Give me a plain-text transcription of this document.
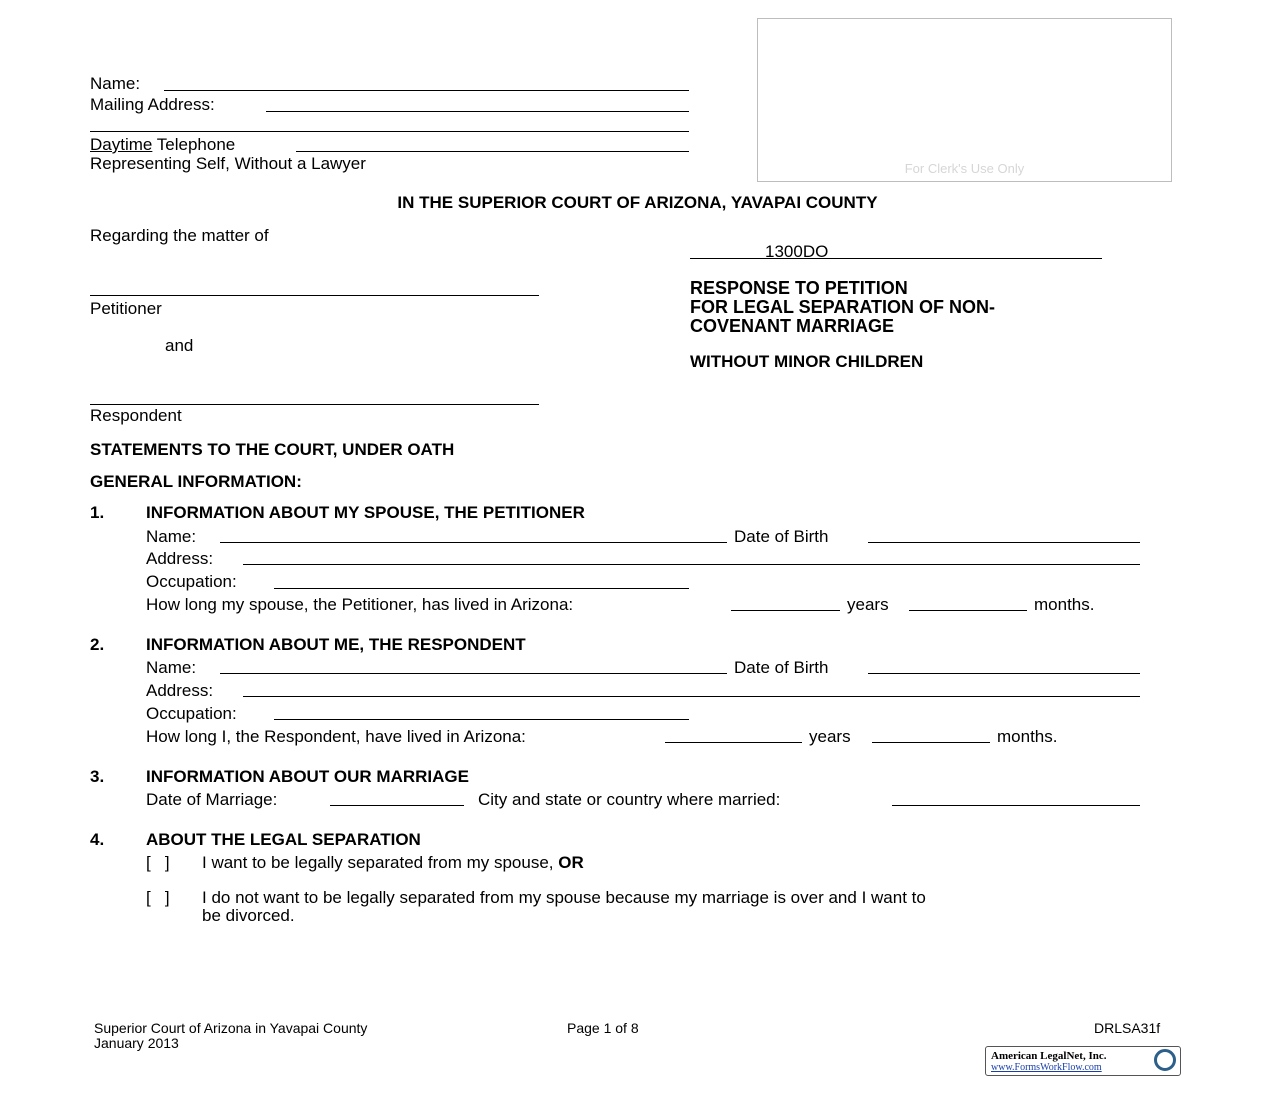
Name:
Mailing Address:
Daytime Telephone
Representing Self, Without a Lawyer	For Clerk's Use Only
IN THE SUPERIOR COURT OF ARIZONA, YAVAPAI COUNTY
Regarding the matter of
Petitioner
and
Respondent
1300DO
RESPONSE TO PETITION
FOR LEGAL SEPARATION OF NON-
COVENANT MARRIAGE
WITHOUT MINOR CHILDREN
STATEMENTS TO THE COURT, UNDER OATH
GENERAL INFORMATION:
1. INFORMATION ABOUT MY SPOUSE, THE PETITIONER
Name:	Date of Birth
Address:
Occupation:
How long my spouse, the Petitioner, has lived in Arizona:	years	months.
2. INFORMATION ABOUT ME, THE RESPONDENT
Name:	Date of Birth
Address:
Occupation:
How long I, the Respondent, have lived in Arizona:	years	months.
3. INFORMATION ABOUT OUR MARRIAGE
Date of Marriage:	City and state or country where married:
4. ABOUT THE LEGAL SEPARATION
[   ] I want to be legally separated from my spouse, OR
[   ] I do not want to be legally separated from my spouse because my marriage is over and I want to
be divorced.
Superior Court of Arizona in Yavapai County
January 2013
Page 1 of 8	DRLSA31f
American LegalNet, Inc.
www.FormsWorkFlow.com
